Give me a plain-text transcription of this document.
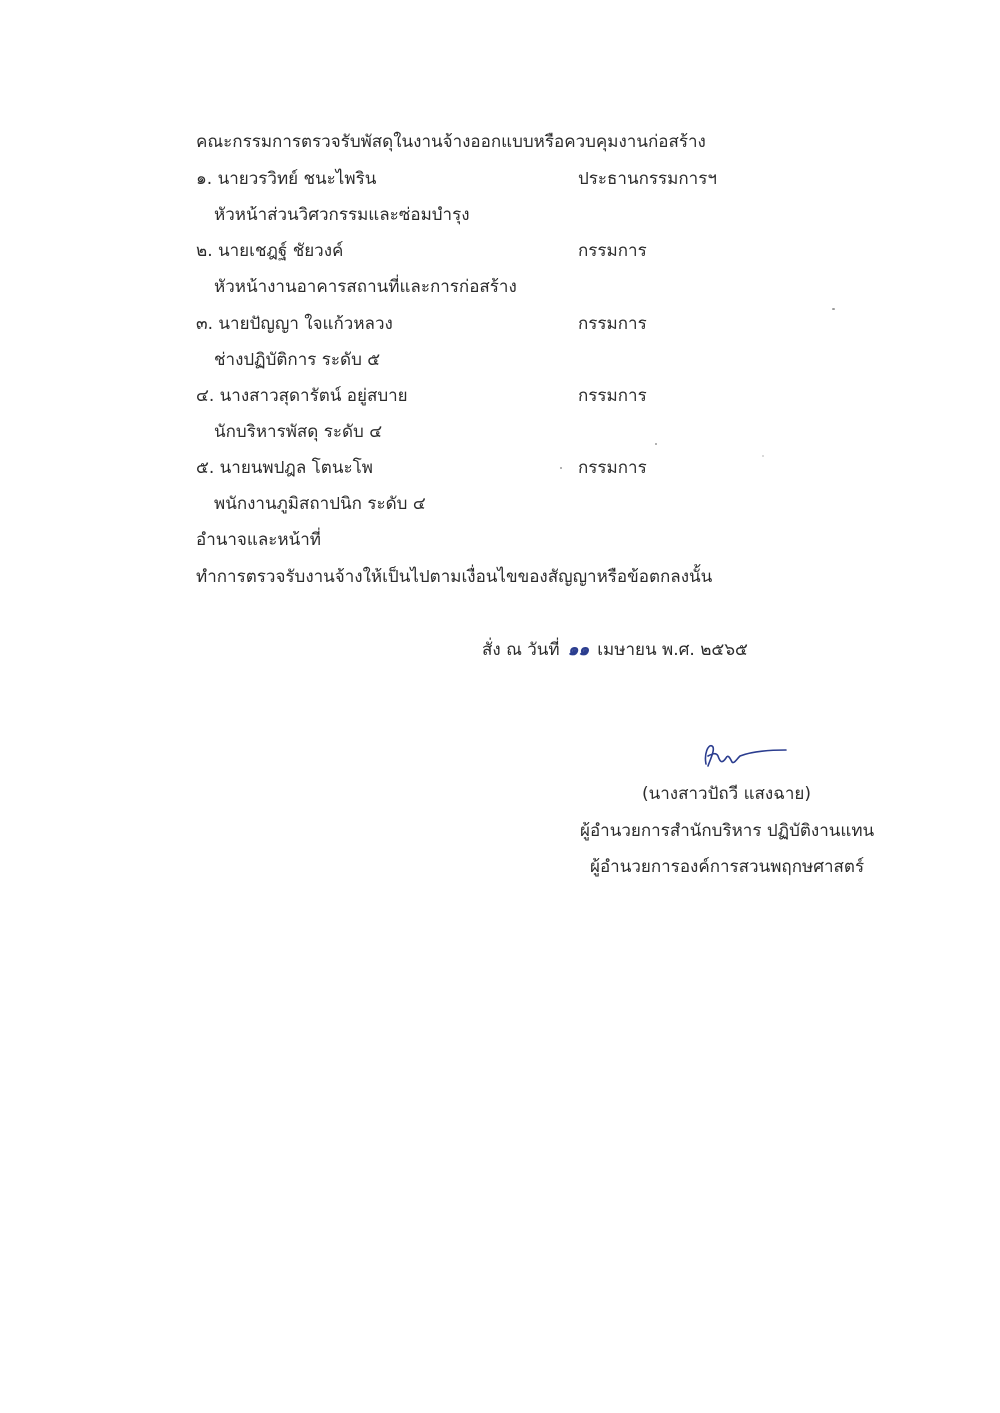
คณะกรรมการตรวจรับพัสดุในงานจ้างออกแบบหรือควบคุมงานก่อสร้าง
๑. นายวรวิทย์ ชนะไพริน	ประธานกรรมการฯ
หัวหน้าส่วนวิศวกรรมและซ่อมบำรุง
๒. นายเชฎฐ์ ชัยวงค์	กรรมการ
หัวหน้างานอาคารสถานที่และการก่อสร้าง
๓. นายปัญญา ใจแก้วหลวง	กรรมการ
ช่างปฏิบัติการ ระดับ ๕
๔. นางสาวสุดารัตน์ อยู่สบาย	กรรมการ
นักบริหารพัสดุ ระดับ ๔
๕. นายนพปฎล โตนะโพ	กรรมการ
พนักงานภูมิสถาปนิก ระดับ ๔
อำนาจและหน้าที่
ทำการตรวจรับงานจ้างให้เป็นไปตามเงื่อนไขของสัญญาหรือข้อตกลงนั้น
สั่ง ณ วันที่ ๑๑ เมษายน พ.ศ. ๒๕๖๕
(นางสาวปัถวี แสงฉาย)
ผู้อำนวยการสำนักบริหาร ปฏิบัติงานแทน
ผู้อำนวยการองค์การสวนพฤกษศาสตร์
